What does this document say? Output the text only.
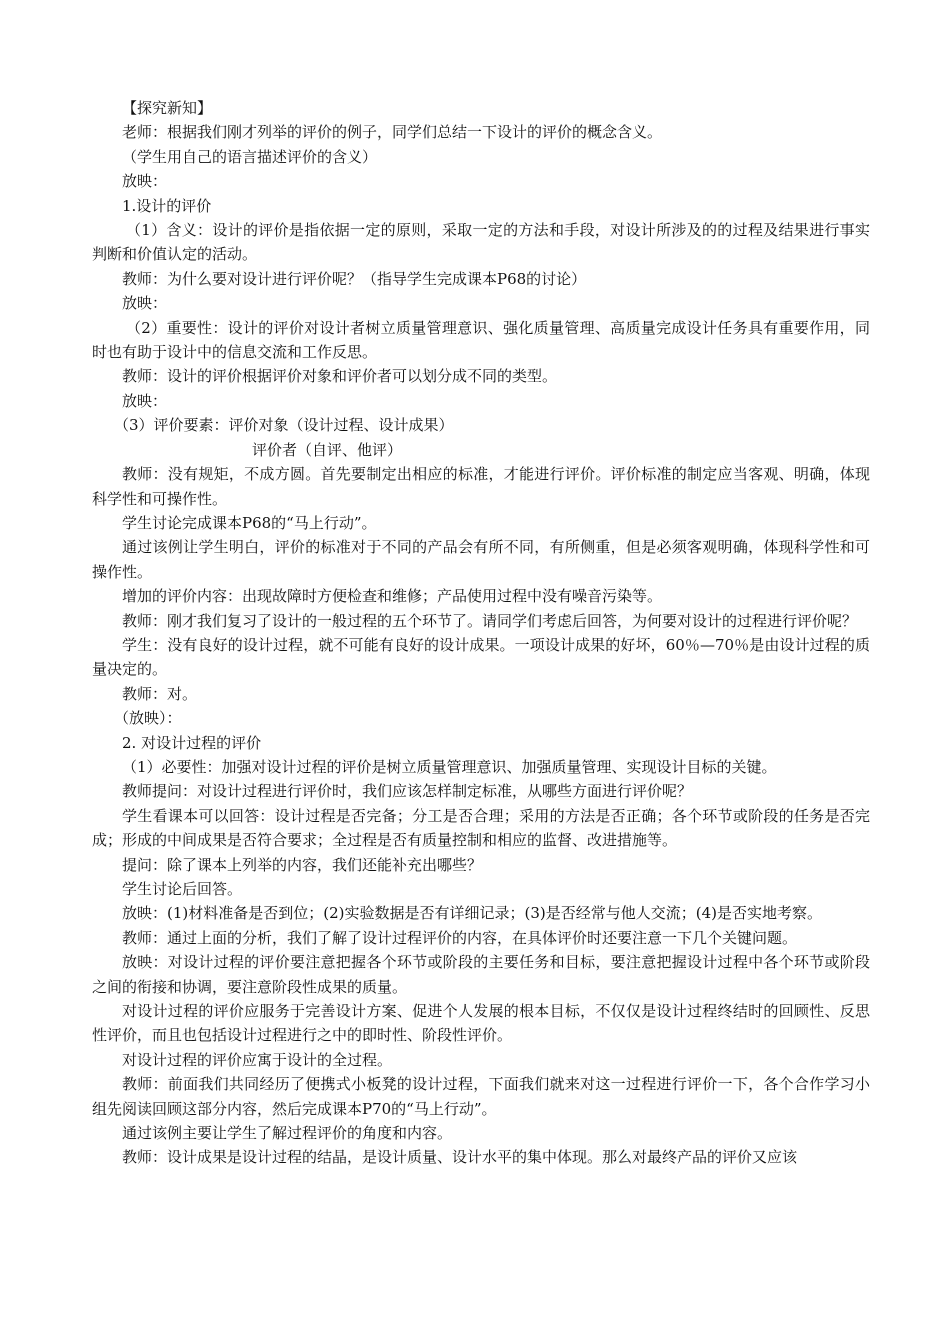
【探究新知】

老师：根据我们刚才列举的评价的例子，同学们总结一下设计的评价的概念含义。

（学生用自己的语言描述评价的含义）

放映：

1.设计的评价

（1）含义：设计的评价是指依据一定的原则，采取一定的方法和手段，对设计所涉及的的过程及结果进行事实判断和价值认定的活动。

教师：为什么要对设计进行评价呢？（指导学生完成课本P68的讨论）

放映：

（2）重要性：设计的评价对设计者树立质量管理意识、强化质量管理、高质量完成设计任务具有重要作用，同时也有助于设计中的信息交流和工作反思。

教师：设计的评价根据评价对象和评价者可以划分成不同的类型。

放映：

（3）评价要素：评价对象（设计过程、设计成果）

评价者（自评、他评）

教师：没有规矩，不成方圆。首先要制定出相应的标准，才能进行评价。评价标准的制定应当客观、明确，体现科学性和可操作性。

学生讨论完成课本P68的“马上行动”。

通过该例让学生明白，评价的标准对于不同的产品会有所不同，有所侧重，但是必须客观明确，体现科学性和可操作性。

增加的评价内容：出现故障时方便检查和维修；产品使用过程中没有噪音污染等。

教师：刚才我们复习了设计的一般过程的五个环节了。请同学们考虑后回答，为何要对设计的过程进行评价呢？

学生：没有良好的设计过程，就不可能有良好的设计成果。一项设计成果的好坏，60％—70％是由设计过程的质量决定的。

教师：对。

（放映）：

2. 对设计过程的评价

（1）必要性：加强对设计过程的评价是树立质量管理意识、加强质量管理、实现设计目标的关键。

教师提问：对设计过程进行评价时，我们应该怎样制定标准，从哪些方面进行评价呢？

学生看课本可以回答：设计过程是否完备；分工是否合理；采用的方法是否正确；各个环节或阶段的任务是否完成；形成的中间成果是否符合要求；全过程是否有质量控制和相应的监督、改进措施等。

提问：除了课本上列举的内容，我们还能补充出哪些？

学生讨论后回答。

放映：(1)材料准备是否到位；(2)实验数据是否有详细记录；(3)是否经常与他人交流；(4)是否实地考察。

教师：通过上面的分析，我们了解了设计过程评价的内容，在具体评价时还要注意一下几个关键问题。

放映：对设计过程的评价要注意把握各个环节或阶段的主要任务和目标，要注意把握设计过程中各个环节或阶段之间的衔接和协调，要注意阶段性成果的质量。

对设计过程的评价应服务于完善设计方案、促进个人发展的根本目标，不仅仅是设计过程终结时的回顾性、反思性评价，而且也包括设计过程进行之中的即时性、阶段性评价。

对设计过程的评价应寓于设计的全过程。

教师：前面我们共同经历了便携式小板凳的设计过程，下面我们就来对这一过程进行评价一下，各个合作学习小组先阅读回顾这部分内容，然后完成课本P70的“马上行动”。

通过该例主要让学生了解过程评价的角度和内容。

教师：设计成果是设计过程的结晶，是设计质量、设计水平的集中体现。那么对最终产品的评价又应该
